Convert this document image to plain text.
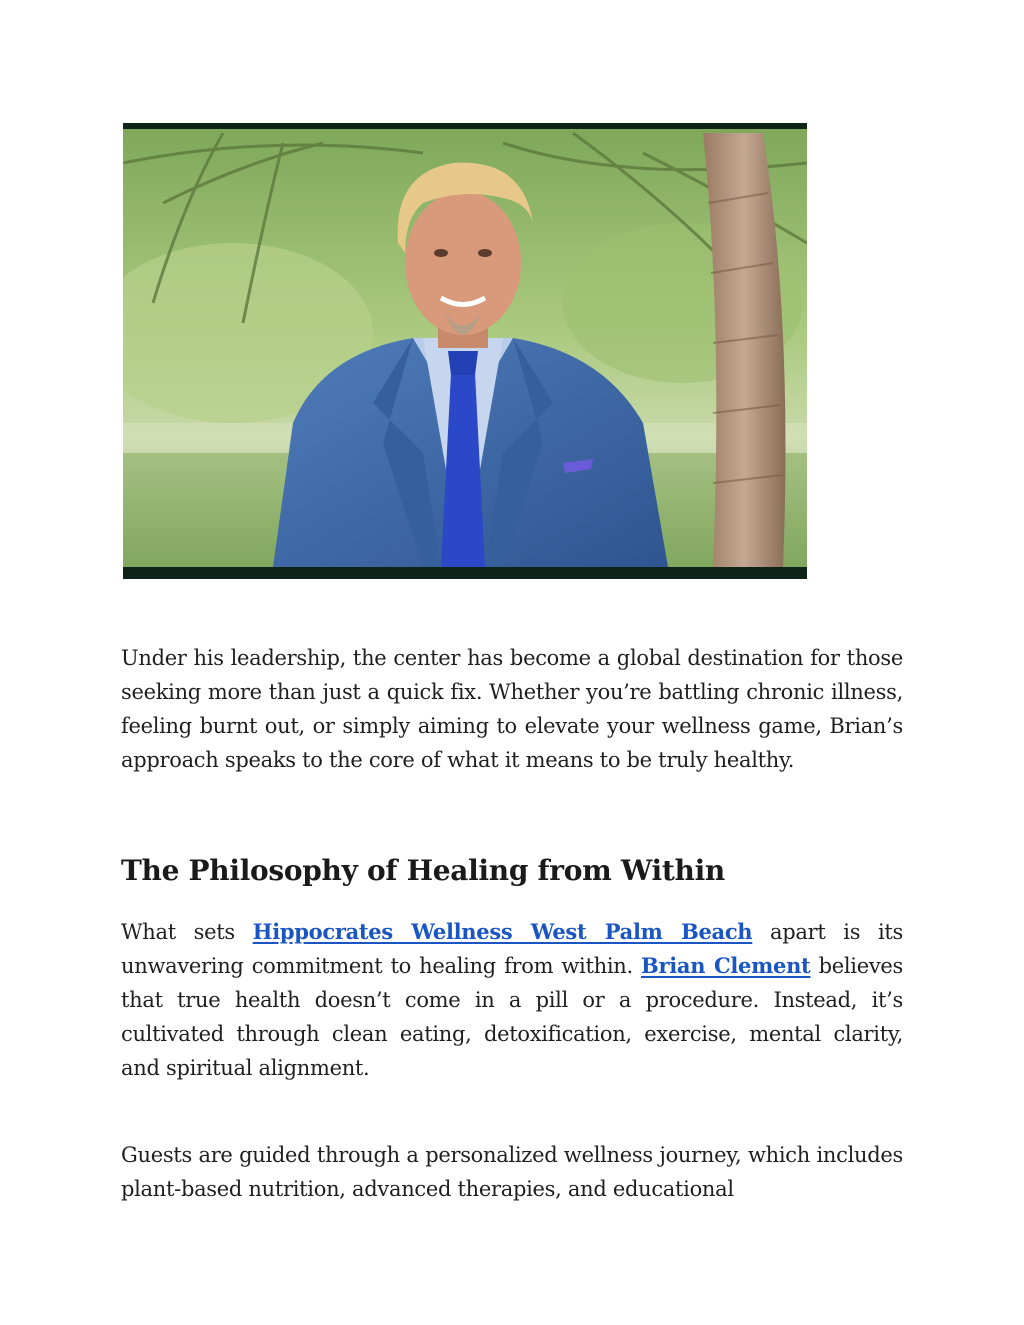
Under his leadership, the center has become a global destination for those seeking more than just a quick fix. Whether you’re battling chronic illness, feeling burnt out, or simply aiming to elevate your wellness game, Brian’s approach speaks to the core of what it means to be truly healthy.

The Philosophy of Healing from Within

What sets Hippocrates Wellness West Palm Beach apart is its unwavering commitment to healing from within. Brian Clement believes that true health doesn’t come in a pill or a procedure. Instead, it’s cultivated through clean eating, detoxification, exercise, mental clarity, and spiritual alignment.

Guests are guided through a personalized wellness journey, which includes plant-based nutrition, advanced therapies, and educational
